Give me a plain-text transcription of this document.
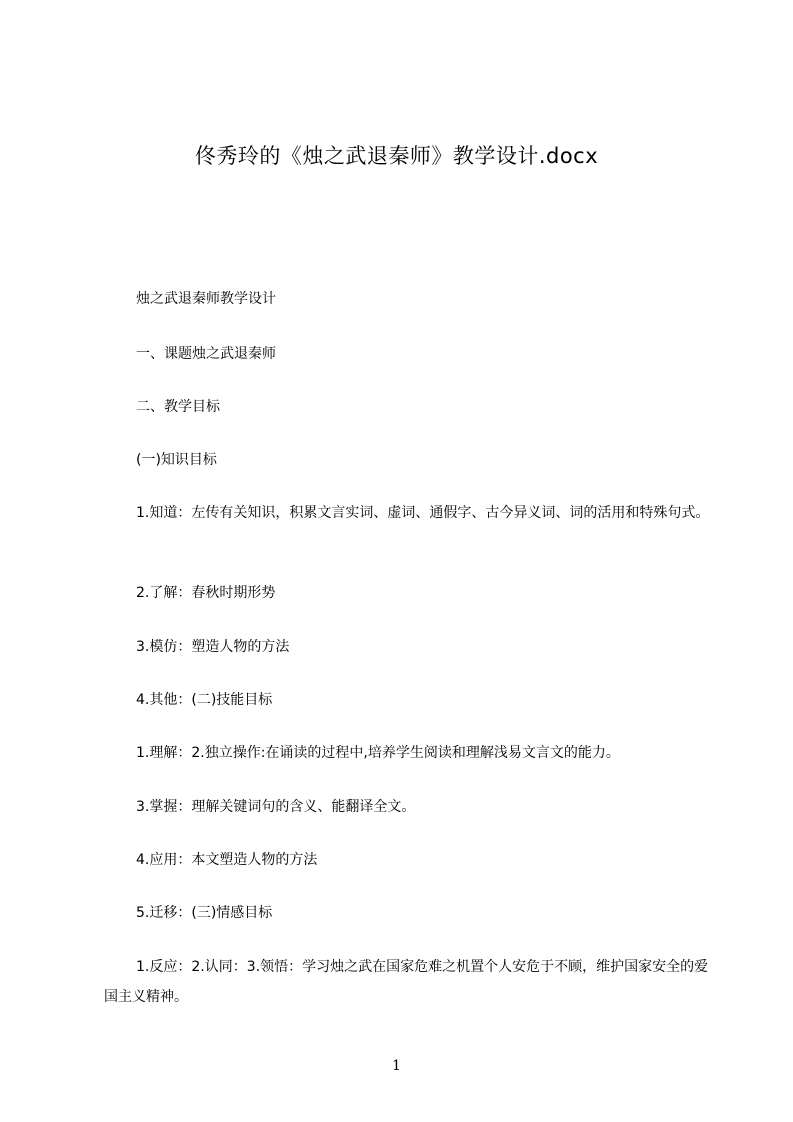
佟秀玲的《烛之武退秦师》教学设计.docx
烛之武退秦师教学设计
一、课题烛之武退秦师
二、教学目标
(一)知识目标
1.知道：左传有关知识，积累文言实词、虚词、通假字、古今异义词、词的活用和特殊句式。
2.了解：春秋时期形势
3.模仿：塑造人物的方法
4.其他：(二)技能目标
1.理解：2.独立操作:在诵读的过程中,培养学生阅读和理解浅易文言文的能力。
3.掌握：理解关键词句的含义、能翻译全文。
4.应用：本文塑造人物的方法
5.迁移：(三)情感目标
1.反应：2.认同：3.领悟：学习烛之武在国家危难之机置个人安危于不顾，维护国家安全的爱国主义精神。
1
